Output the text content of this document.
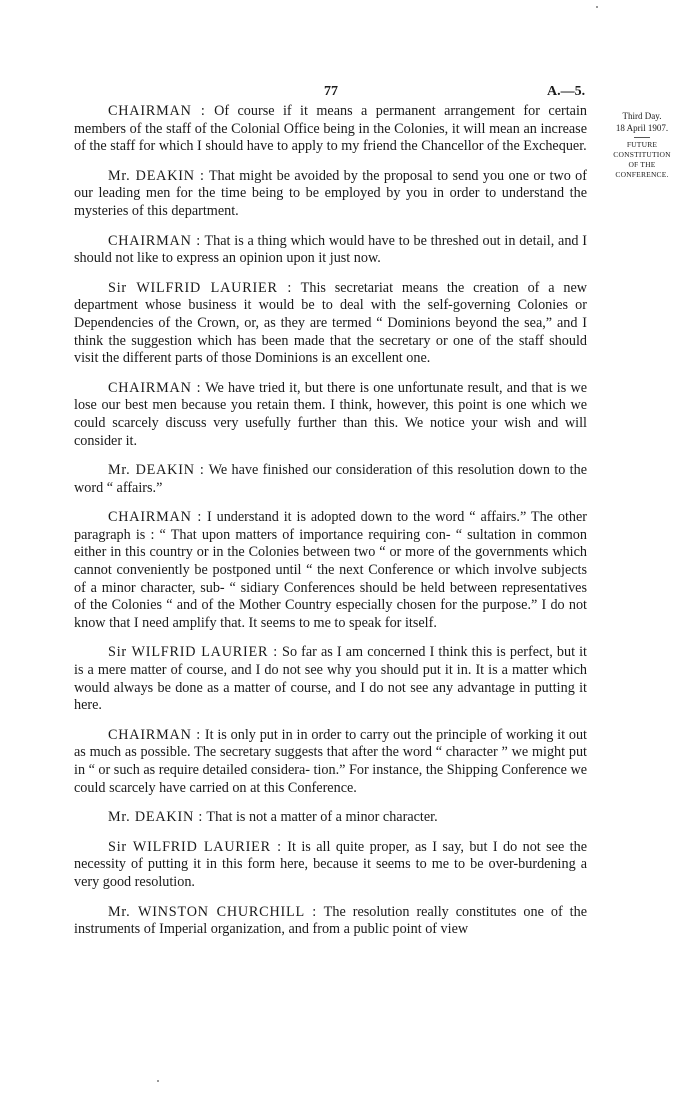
77	A.—5.
Third Day.
18 April 1907.
FUTURE
CONSTITUTION
OF THE
CONFERENCE.

CHAIRMAN : Of course if it means a permanent arrangement for certain members of the staff of the Colonial Office being in the Colonies, it will mean an increase of the staff for which I should have to apply to my friend the Chancellor of the Exchequer.

Mr. DEAKIN : That might be avoided by the proposal to send you one or two of our leading men for the time being to be employed by you in order to understand the mysteries of this department.

CHAIRMAN : That is a thing which would have to be threshed out in detail, and I should not like to express an opinion upon it just now.

Sir WILFRID LAURIER : This secretariat means the creation of a new department whose business it would be to deal with the self-governing Colonies or Dependencies of the Crown, or, as they are termed “ Dominions beyond the sea,” and I think the suggestion which has been made that the secretary or one of the staff should visit the different parts of those Dominions is an excellent one.

CHAIRMAN : We have tried it, but there is one unfortunate result, and that is we lose our best men because you retain them. I think, however, this point is one which we could scarcely discuss very usefully further than this. We notice your wish and will consider it.

Mr. DEAKIN : We have finished our consideration of this resolution down to the word “ affairs.”

CHAIRMAN : I understand it is adopted down to the word “ affairs.” The other paragraph is : “ That upon matters of importance requiring con- “ sultation in common either in this country or in the Colonies between two “ or more of the governments which cannot conveniently be postponed until “ the next Conference or which involve subjects of a minor character, sub- “ sidiary Conferences should be held between representatives of the Colonies “ and of the Mother Country especially chosen for the purpose.” I do not know that I need amplify that. It seems to me to speak for itself.

Sir WILFRID LAURIER : So far as I am concerned I think this is perfect, but it is a mere matter of course, and I do not see why you should put it in. It is a matter which would always be done as a matter of course, and I do not see any advantage in putting it here.

CHAIRMAN : It is only put in in order to carry out the principle of working it out as much as possible. The secretary suggests that after the word “ character ” we might put in “ or such as require detailed considera- tion.” For instance, the Shipping Conference we could scarcely have carried on at this Conference.

Mr. DEAKIN : That is not a matter of a minor character.

Sir WILFRID LAURIER : It is all quite proper, as I say, but I do not see the necessity of putting it in this form here, because it seems to me to be over-burdening a very good resolution.

Mr. WINSTON CHURCHILL : The resolution really constitutes one of the instruments of Imperial organization, and from a public point of view
